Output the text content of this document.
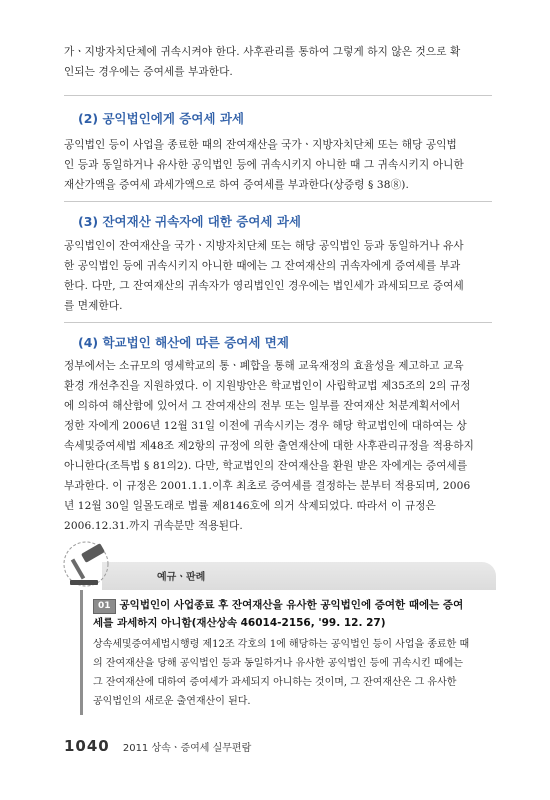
가ㆍ지방자치단체에 귀속시켜야 한다. 사후관리를 통하여 그렇게 하지 않은 것으로 확
인되는 경우에는 증여세를 부과한다.
(2) 공익법인에게 증여세 과세
공익법인 등이 사업을 종료한 때의 잔여재산을 국가ㆍ지방자치단체 또는 해당 공익법
인 등과 동일하거나 유사한 공익법인 등에 귀속시키지 아니한 때 그 귀속시키지 아니한
재산가액을 증여세 과세가액으로 하여 증여세를 부과한다(상증령 § 38⑧).
(3) 잔여재산 귀속자에 대한 증여세 과세
공익법인이 잔여재산을 국가ㆍ지방자치단체 또는 해당 공익법인 등과 동일하거나 유사
한 공익법인 등에 귀속시키지 아니한 때에는 그 잔여재산의 귀속자에게 증여세를 부과
한다. 다만, 그 잔여재산의 귀속자가 영리법인인 경우에는 법인세가 과세되므로 증여세
를 면제한다.
(4) 학교법인 해산에 따른 증여세 면제
정부에서는 소규모의 영세학교의 통ㆍ폐합을 통해 교육재정의 효율성을 제고하고 교육
환경 개선추진을 지원하였다. 이 지원방안은 학교법인이 사립학교법 제35조의 2의 규정
에 의하여 해산함에 있어서 그 잔여재산의 전부 또는 일부를 잔여재산 처분계획서에서
정한 자에게 2006년 12월 31일 이전에 귀속시키는 경우 해당 학교법인에 대하여는 상
속세및증여세법 제48조 제2항의 규정에 의한 출연재산에 대한 사후관리규정을 적용하지
아니한다(조특법 § 81의2). 다만, 학교법인의 잔여재산을 환원 받은 자에게는 증여세를
부과한다. 이 규정은 2001.1.1.이후 최초로 증여세를 결정하는 분부터 적용되며, 2006
년 12월 30일 일몰도래로 법률 제8146호에 의거 삭제되었다. 따라서 이 규정은
2006.12.31.까지 귀속분만 적용된다.
예규ㆍ판례
01 공익법인이 사업종료 후 잔여재산을 유사한 공익법인에 증여한 때에는 증여
세를 과세하지 아니함(재산상속 46014-2156, '99. 12. 27)
상속세및증여세법시행령 제12조 각호의 1에 해당하는 공익법인 등이 사업을 종료한 때
의 잔여재산을 당해 공익법인 등과 동일하거나 유사한 공익법인 등에 귀속시킨 때에는
그 잔여재산에 대하여 증여세가 과세되지 아니하는 것이며, 그 잔여재산은 그 유사한
공익법인의 새로운 출연재산이 된다.
1040 2011 상속ㆍ증여세 실무편람
